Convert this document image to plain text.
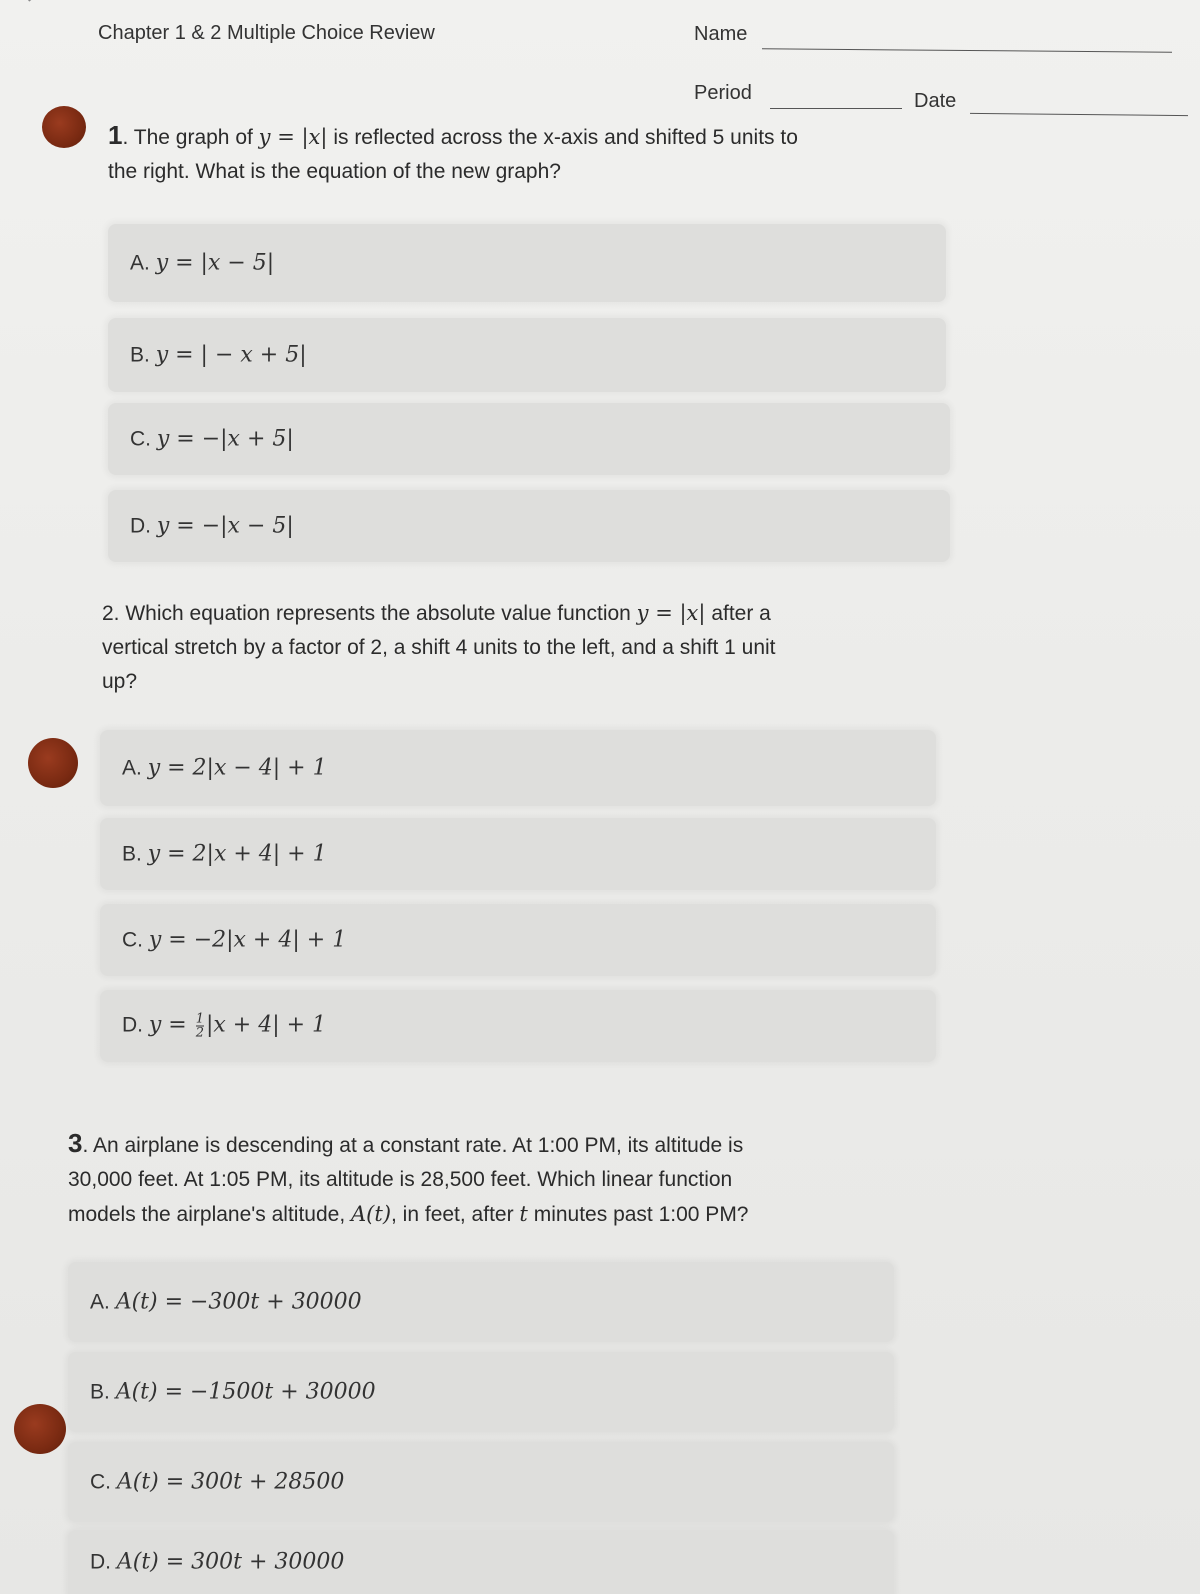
Chapter 1 & 2 Multiple Choice Review	Name
Period	Date
1. The graph of y = |x| is reflected across the x-axis and shifted 5 units to
the right. What is the equation of the new graph?
A. y = |x − 5|
B. y = | − x + 5|
C. y = −|x + 5|
D. y = −|x − 5|
2. Which equation represents the absolute value function y = |x| after a
vertical stretch by a factor of 2, a shift 4 units to the left, and a shift 1 unit
up?
A. y = 2|x − 4| + 1
B. y = 2|x + 4| + 1
C. y = −2|x + 4| + 1
D. $y = \frac{1}{2} |x + 4| + 1$
3. An airplane is descending at a constant rate. At 1:00 PM, its altitude is
30,000 feet. At 1:05 PM, its altitude is 28,500 feet. Which linear function
models the airplane's altitude, A(t), in feet, after t minutes past 1:00 PM?
A. A(t) = −300t + 30000
B. A(t) = −1500t + 30000
C. A(t) = 300t + 28500
D. A(t) = 300t + 30000
